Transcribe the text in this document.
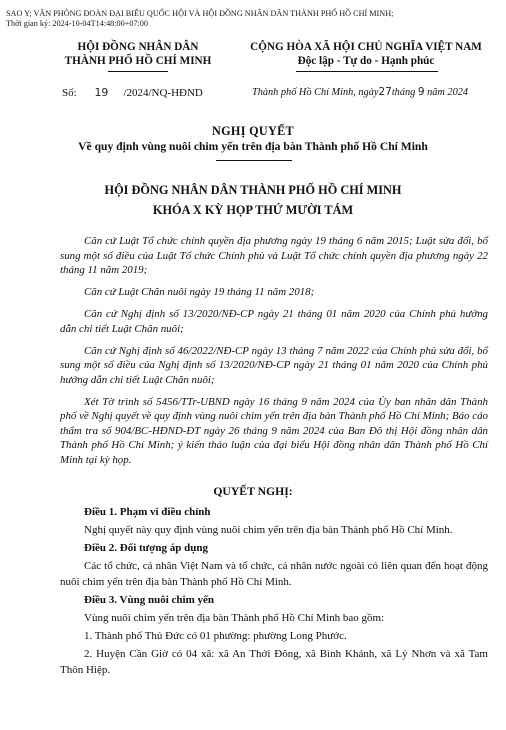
SAO Y; VĂN PHÒNG ĐOÀN ĐẠI BIỂU QUỐC HỘI VÀ HỘI ĐỒNG NHÂN DÂN THÀNH PHỐ HỒ CHÍ MINH;
Thời gian ký: 2024-10-04T14:48:00+07:00
HỘI ĐỒNG NHÂN DÂN
THÀNH PHỐ HỒ CHÍ MINH
CỘNG HÒA XÃ HỘI CHỦ NGHĨA VIỆT NAM
Độc lập - Tự do - Hạnh phúc
Số: 19 /2024/NQ-HĐND	Thành phố Hồ Chí Minh, ngày27tháng 9 năm 2024
NGHỊ QUYẾT
Về quy định vùng nuôi chim yến trên địa bàn Thành phố Hồ Chí Minh
HỘI ĐỒNG NHÂN DÂN THÀNH PHỐ HỒ CHÍ MINH
KHÓA X KỲ HỌP THỨ MƯỜI TÁM

Căn cứ Luật Tổ chức chính quyền địa phương ngày 19 tháng 6 năm 2015; Luật sửa đổi, bổ sung một số điều của Luật Tổ chức Chính phủ và Luật Tổ chức chính quyền địa phương ngày 22 tháng 11 năm 2019;

Căn cứ Luật Chăn nuôi ngày 19 tháng 11 năm 2018;

Căn cứ Nghị định số 13/2020/NĐ-CP ngày 21 tháng 01 năm 2020 của Chính phủ hướng dẫn chi tiết Luật Chăn nuôi;

Căn cứ Nghị định số 46/2022/NĐ-CP ngày 13 tháng 7 năm 2022 của Chính phủ sửa đổi, bổ sung một số điều của Nghị định số 13/2020/NĐ-CP ngày 21 tháng 01 năm 2020 của Chính phủ hướng dẫn chi tiết Luật Chăn nuôi;

Xét Tờ trình số 5456/TTr-UBND ngày 16 tháng 9 năm 2024 của Ủy ban nhân dân Thành phố về Nghị quyết về quy định vùng nuôi chim yến trên địa bàn Thành phố Hồ Chí Minh; Báo cáo thẩm tra số 904/BC-HĐND-ĐT ngày 26 tháng 9 năm 2024 của Ban Đô thị Hội đồng nhân dân Thành phố Hồ Chí Minh; ý kiến thảo luận của đại biểu Hội đồng nhân dân Thành phố Hồ Chí Minh tại kỳ họp.

QUYẾT NGHỊ:
Điều 1. Phạm vi điều chỉnh

Nghị quyết này quy định vùng nuôi chim yến trên địa bàn Thành phố Hồ Chí Minh.

Điều 2. Đối tượng áp dụng

Các tổ chức, cá nhân Việt Nam và tổ chức, cá nhân nước ngoài có liên quan đến hoạt động nuôi chim yến trên địa bàn Thành phố Hồ Chí Minh.

Điều 3. Vùng nuôi chim yến

Vùng nuôi chim yến trên địa bàn Thành phố Hồ Chí Minh bao gồm:

1. Thành phố Thủ Đức có 01 phường: phường Long Phước.

2. Huyện Cần Giờ có 04 xã: xã An Thới Đông, xã Bình Khánh, xã Lý Nhơn và xã Tam Thôn Hiệp.
